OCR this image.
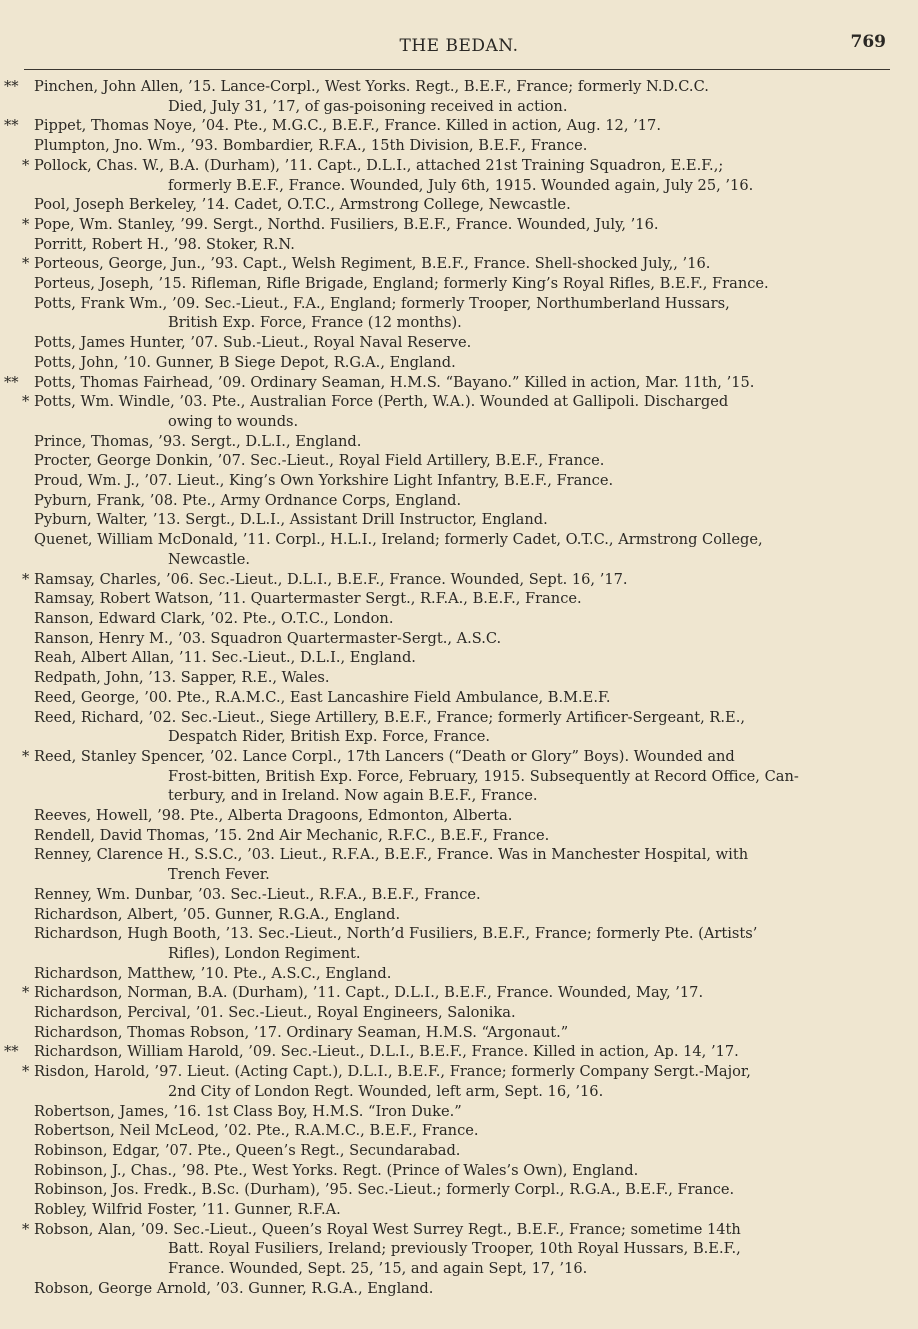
THE BEDAN.	769
** Pinchen, John Allen, ’15. Lance-Corpl., West Yorks. Regt., B.E.F., France; formerly N.D.C.C.
Died, July 31, ’17, of gas-poisoning received in action.
** Pippet, Thomas Noye, ’04. Pte., M.G.C., B.E.F., France. Killed in action, Aug. 12, ’17.
Plumpton, Jno. Wm., ’93. Bombardier, R.F.A., 15th Division, B.E.F., France.
* Pollock, Chas. W., B.A. (Durham), ’11. Capt., D.L.I., attached 21st Training Squadron, E.E.F.,;
formerly B.E.F., France. Wounded, July 6th, 1915. Wounded again, July 25, ’16.
Pool, Joseph Berkeley, ’14. Cadet, O.T.C., Armstrong College, Newcastle.
* Pope, Wm. Stanley, ’99. Sergt., Northd. Fusiliers, B.E.F., France. Wounded, July, ’16.
Porritt, Robert H., ’98. Stoker, R.N.
* Porteous, George, Jun., ’93. Capt., Welsh Regiment, B.E.F., France. Shell-shocked July,, ’16.
Porteus, Joseph, ’15. Rifleman, Rifle Brigade, England; formerly King’s Royal Rifles, B.E.F., France.
Potts, Frank Wm., ’09. Sec.-Lieut., F.A., England; formerly Trooper, Northumberland Hussars,
British Exp. Force, France (12 months).
Potts, James Hunter, ’07. Sub.-Lieut., Royal Naval Reserve.
Potts, John, ’10. Gunner, B Siege Depot, R.G.A., England.
** Potts, Thomas Fairhead, ’09. Ordinary Seaman, H.M.S. “Bayano.” Killed in action, Mar. 11th, ’15.
* Potts, Wm. Windle, ’03. Pte., Australian Force (Perth, W.A.). Wounded at Gallipoli. Discharged
owing to wounds.
Prince, Thomas, ’93. Sergt., D.L.I., England.
Procter, George Donkin, ’07. Sec.-Lieut., Royal Field Artillery, B.E.F., France.
Proud, Wm. J., ’07. Lieut., King’s Own Yorkshire Light Infantry, B.E.F., France.
Pyburn, Frank, ’08. Pte., Army Ordnance Corps, England.
Pyburn, Walter, ’13. Sergt., D.L.I., Assistant Drill Instructor, England.
Quenet, William McDonald, ’11. Corpl., H.L.I., Ireland; formerly Cadet, O.T.C., Armstrong College,
Newcastle.
* Ramsay, Charles, ’06. Sec.-Lieut., D.L.I., B.E.F., France. Wounded, Sept. 16, ’17.
Ramsay, Robert Watson, ’11. Quartermaster Sergt., R.F.A., B.E.F., France.
Ranson, Edward Clark, ’02. Pte., O.T.C., London.
Ranson, Henry M., ’03. Squadron Quartermaster-Sergt., A.S.C.
Reah, Albert Allan, ’11. Sec.-Lieut., D.L.I., England.
Redpath, John, ’13. Sapper, R.E., Wales.
Reed, George, ’00. Pte., R.A.M.C., East Lancashire Field Ambulance, B.M.E.F.
Reed, Richard, ’02. Sec.-Lieut., Siege Artillery, B.E.F., France; formerly Artificer-Sergeant, R.E.,
Despatch Rider, British Exp. Force, France.
* Reed, Stanley Spencer, ’02. Lance Corpl., 17th Lancers (“Death or Glory” Boys). Wounded and
Frost-bitten, British Exp. Force, February, 1915. Subsequently at Record Office, Can-
terbury, and in Ireland. Now again B.E.F., France.
Reeves, Howell, ’98. Pte., Alberta Dragoons, Edmonton, Alberta.
Rendell, David Thomas, ’15. 2nd Air Mechanic, R.F.C., B.E.F., France.
Renney, Clarence H., S.S.C., ’03. Lieut., R.F.A., B.E.F., France. Was in Manchester Hospital, with
Trench Fever.
Renney, Wm. Dunbar, ’03. Sec.-Lieut., R.F.A., B.E.F., France.
Richardson, Albert, ’05. Gunner, R.G.A., England.
Richardson, Hugh Booth, ’13. Sec.-Lieut., North’d Fusiliers, B.E.F., France; formerly Pte. (Artists’
Rifles), London Regiment.
Richardson, Matthew, ’10. Pte., A.S.C., England.
* Richardson, Norman, B.A. (Durham), ’11. Capt., D.L.I., B.E.F., France. Wounded, May, ’17.
Richardson, Percival, ’01. Sec.-Lieut., Royal Engineers, Salonika.
Richardson, Thomas Robson, ’17. Ordinary Seaman, H.M.S. “Argonaut.”
** Richardson, William Harold, ’09. Sec.-Lieut., D.L.I., B.E.F., France. Killed in action, Ap. 14, ’17.
* Risdon, Harold, ’97. Lieut. (Acting Capt.), D.L.I., B.E.F., France; formerly Company Sergt.-Major,
2nd City of London Regt. Wounded, left arm, Sept. 16, ’16.
Robertson, James, ’16. 1st Class Boy, H.M.S. “Iron Duke.”
Robertson, Neil McLeod, ’02. Pte., R.A.M.C., B.E.F., France.
Robinson, Edgar, ’07. Pte., Queen’s Regt., Secundarabad.
Robinson, J., Chas., ’98. Pte., West Yorks. Regt. (Prince of Wales’s Own), England.
Robinson, Jos. Fredk., B.Sc. (Durham), ’95. Sec.-Lieut.; formerly Corpl., R.G.A., B.E.F., France.
Robley, Wilfrid Foster, ’11. Gunner, R.F.A.
* Robson, Alan, ’09. Sec.-Lieut., Queen’s Royal West Surrey Regt., B.E.F., France; sometime 14th
Batt. Royal Fusiliers, Ireland; previously Trooper, 10th Royal Hussars, B.E.F.,
France. Wounded, Sept. 25, ’15, and again Sept, 17, ’16.
Robson, George Arnold, ’03. Gunner, R.G.A., England.
